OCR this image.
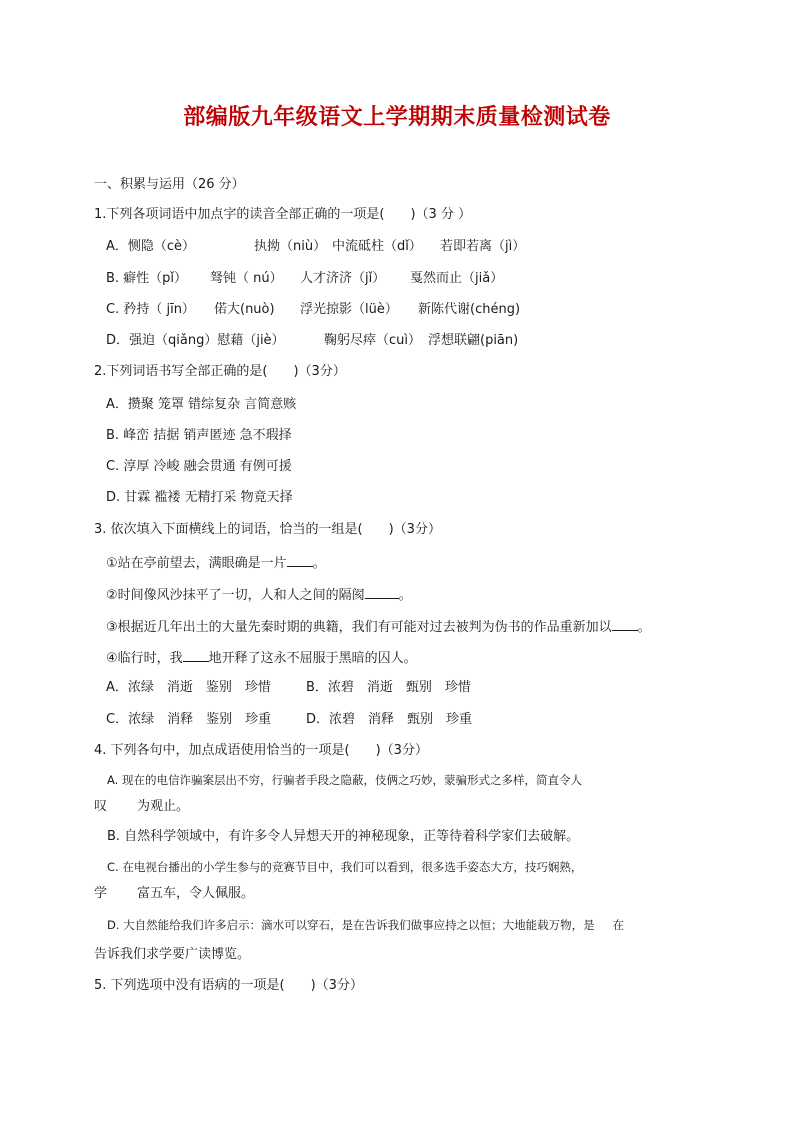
部编版九年级语文上学期期末质量检测试卷
一、积累与运用（26 分）
1.下列各项词语中加点字的读音全部正确的一项是(　　)（3 分 ）
A．恻隐（cè）	执拗（niù） 中流砥柱（dǐ） 若即若离（jì）
B. 癖性（pǐ） 驽钝（ nú） 人才济济（jǐ） 戛然而止（jiǎ）
C. 矜持（ jīn） 偌大(nuò) 浮光掠影（lüè） 新陈代谢(chéng)
D．强迫（qiǎng）慰藉（jiè）	鞠躬尽瘁（cuì） 浮想联翩(piān)
2.下列词语书写全部正确的是(　　)（3分）
A．攒聚 笼罩 错综复杂 言简意赅
B. 峰峦 拮据 销声匿迹 急不瑕择
C. 淳厚 冷峻 融会贯通 有例可援
D. 甘霖 褴褛 无精打采 物竟天择
3. 依次填入下面横线上的词语，恰当的一组是(　　)（3分）
①站在亭前望去，满眼确是一片 。
②时间像风沙抹平了一切，人和人之间的隔阂	。
③根据近几年出土的大量先秦时期的典籍，我们有可能对过去被判为伪书的作品重新加以 。
④临行时，我 地开释了这永不屈服于黑暗的囚人。
A．浓绿　消逝　鉴别　珍惜	B．浓碧　消逝　甄别　珍惜
C．浓绿　消释　鉴别　珍重	D．浓碧　消释　甄别　珍重
4. 下列各句中，加点成语使用恰当的一项是(　　)（3分）
A. 现在的电信诈骗案层出不穷，行骗者手段之隐蔽，伎俩之巧妙，蒙骗形式之多样，简直令人
叹 为观止。
B. 自然科学领域中，有许多令人异想天开的神秘现象，正等待着科学家们去破解。
C. 在电视台播出的小学生参与的竞赛节目中，我们可以看到，很多选手姿态大方，技巧娴熟，
学 富五车，令人佩服。
D. 大自然能给我们许多启示：滴水可以穿石，是在告诉我们做事应持之以恒；大地能载万物，是 在
告诉我们求学要广读博览。
5. 下列选项中没有语病的一项是(　　)（3分）
